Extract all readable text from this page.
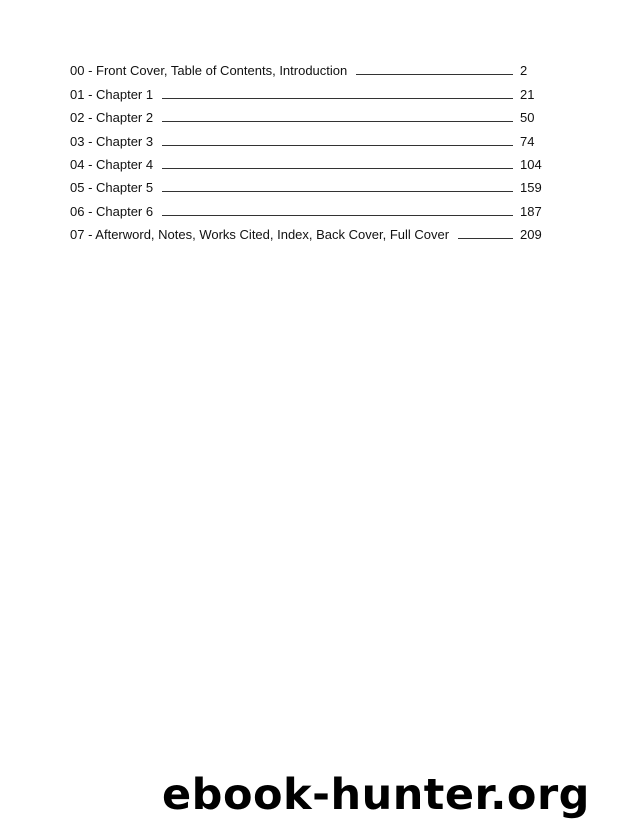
00 - Front Cover, Table of Contents, Introduction	2
01 - Chapter 1	21
02 - Chapter 2	50
03 - Chapter 3	74
04 - Chapter 4	104
05 - Chapter 5	159
06 - Chapter 6	187
07 - Afterword, Notes, Works Cited, Index, Back Cover, Full Cover	209
ebook-hunter.org
